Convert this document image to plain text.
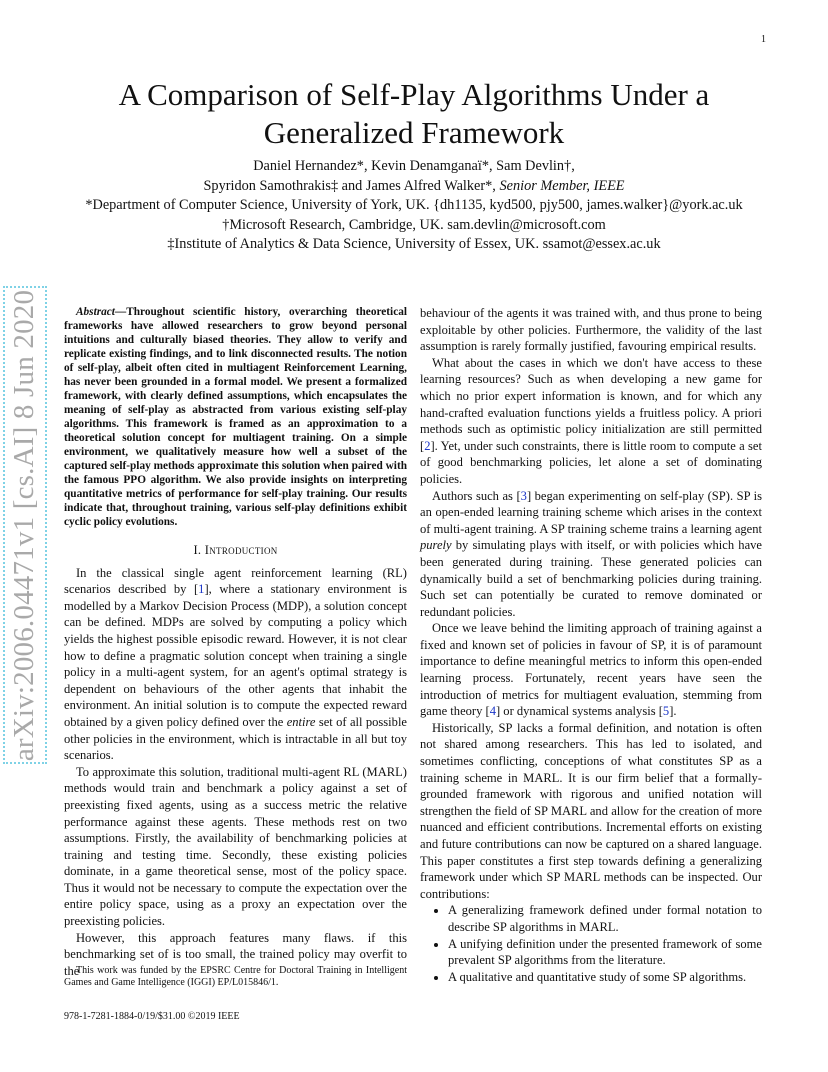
1
arXiv:2006.04471v1 [cs.AI] 8 Jun 2020
A Comparison of Self-Play Algorithms Under a Generalized Framework
Daniel Hernandez*, Kevin Denamganaï*, Sam Devlin†,
Spyridon Samothrakis‡ and James Alfred Walker*, Senior Member, IEEE
*Department of Computer Science, University of York, UK. {dh1135, kyd500, pjy500, james.walker}@york.ac.uk
†Microsoft Research, Cambridge, UK. sam.devlin@microsoft.com
‡Institute of Analytics & Data Science, University of Essex, UK. ssamot@essex.ac.uk

Abstract—Throughout scientific history, overarching theoretical frameworks have allowed researchers to grow beyond personal intuitions and culturally biased theories. They allow to verify and replicate existing findings, and to link disconnected results. The notion of self-play, albeit often cited in multiagent Reinforcement Learning, has never been grounded in a formal model. We present a formalized framework, with clearly defined assumptions, which encapsulates the meaning of self-play as abstracted from various existing self-play algorithms. This framework is framed as an approximation to a theoretical solution concept for multiagent training. On a simple environment, we qualitatively measure how well a subset of the captured self-play methods approximate this solution when paired with the famous PPO algorithm. We also provide insights on interpreting quantitative metrics of performance for self-play training. Our results indicate that, throughout training, various self-play definitions exhibit cyclic policy evolutions.

I. Introduction

In the classical single agent reinforcement learning (RL) scenarios described by [ 1 ] , where a stationary environment is modelled by a Markov Decision Process (MDP), a solution concept can be defined. MDPs are solved by computing a policy which yields the highest possible episodic reward. However, it is not clear how to define a pragmatic solution concept when training a single policy in a multi-agent system, for an agent's optimal strategy is dependent on behaviours of the other agents that inhabit the environment. An initial solution is to compute the expected reward obtained by a given policy defined over the entire set of all possible other policies in the environment, which is intractable in all but toy scenarios.

To approximate this solution, traditional multi-agent RL (MARL) methods would train and benchmark a policy against a set of preexisting fixed agents, using as a success metric the relative performance against these agents. These methods rest on two assumptions. Firstly, the availability of benchmarking policies at training and testing time. Secondly, these existing policies dominate, in a game theoretical sense, most of the policy space. Thus it would not be necessary to compute the expectation over the entire policy space, using as a proxy an expectation over the preexisting policies.

However, this approach features many flaws. if this benchmarking set of is too small, the trained policy may overfit to the

behaviour of the agents it was trained with, and thus prone to being exploitable by other policies. Furthermore, the validity of the last assumption is rarely formally justified, favouring empirical results.

What about the cases in which we don't have access to these learning resources? Such as when developing a new game for which no prior expert information is known, and for which any hand-crafted evaluation functions yields a fruitless policy. A priori methods such as optimistic policy initialization are still permitted [ 2 ] . Yet, under such constraints, there is little room to compute a set of good benchmarking policies, let alone a set of dominating policies.

Authors such as [ 3 ] began experimenting on self-play (SP). SP is an open-ended learning training scheme which arises in the context of multi-agent training. A SP training scheme trains a learning agent purely by simulating plays with itself, or with policies which have been generated during training. These generated policies can dynamically build a set of benchmarking policies during training. Such set can potentially be curated to remove dominated or redundant policies.

Once we leave behind the limiting approach of training against a fixed and known set of policies in favour of SP, it is of paramount importance to define meaningful metrics to inform this open-ended learning process. Fortunately, recent years have seen the introduction of metrics for multiagent evaluation, stemming from game theory [ 4 ] or dynamical systems analysis [ 5 ] .

Historically, SP lacks a formal definition, and notation is often not shared among researchers. This has led to isolated, and sometimes conflicting, conceptions of what constitutes SP as a training scheme in MARL. It is our firm belief that a formally-grounded framework with rigorous and unified notation will strengthen the field of SP MARL and allow for the creation of more nuanced and efficient contributions. Incremental efforts on existing and future contributions can now be captured on a shared language. This paper constitutes a first step towards defining a generalizing framework under which SP MARL methods can be inspected. Our contributions:

• A generalizing framework defined under formal notation to describe SP algorithms in MARL.
• A unifying definition under the presented framework of some prevalent SP algorithms from the literature.
• A qualitative and quantitative study of some SP algorithms.

This work was funded by the EPSRC Centre for Doctoral Training in Intelligent Games and Game Intelligence (IGGI) EP/L015846/1.

978-1-7281-1884-0/19/$31.00 ©2019 IEEE
